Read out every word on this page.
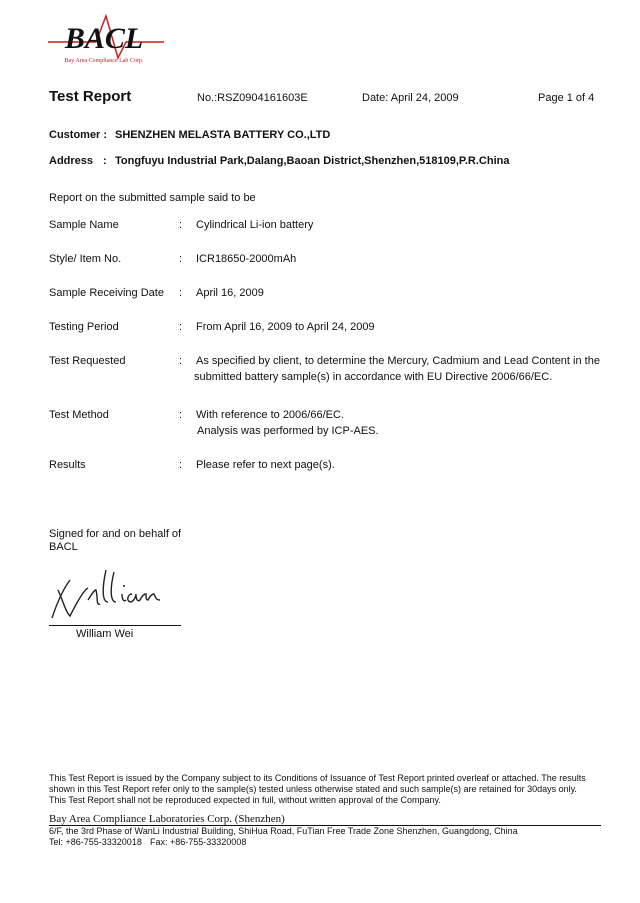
BACL
Bay Area Compliance Lab Corp.
Test Report	No.:RSZ0904161603E	Date: April 24, 2009	Page 1 of 4
Customer : SHENZHEN MELASTA BATTERY CO.,LTD
Address : Tongfuyu Industrial Park,Dalang,Baoan District,Shenzhen,518109,P.R.China
Report on the submitted sample said to be
Sample Name	: Cylindrical Li-ion battery
Style/ Item No.	: ICR18650-2000mAh
Sample Receiving Date : April 16, 2009
Testing Period	: From April 16, 2009 to April 24, 2009
Test Requested	: As specified by client, to determine the Mercury, Cadmium and Lead Content in the
submitted battery sample(s) in accordance with EU Directive 2006/66/EC.
Test Method	: With reference to 2006/66/EC.
Analysis was performed by ICP-AES.
Results	: Please refer to next page(s).
Signed for and on behalf of
BACL
William Wei
This Test Report is issued by the Company subject to its Conditions of Issuance of Test Report printed overleaf or attached. The results
shown in this Test Report refer only to the sample(s) tested unless otherwise stated and such sample(s) are retained for 30days only.
This Test Report shall not be reproduced expected in full, without written approval of the Company.
Bay Area Compliance Laboratories Corp. (Shenzhen)
6/F, the 3rd Phase of WanLi Industrial Building, ShiHua Road, FuTian Free Trade Zone Shenzhen, Guangdong, China
Tel: +86-755-33320018 Fax: +86-755-33320008
